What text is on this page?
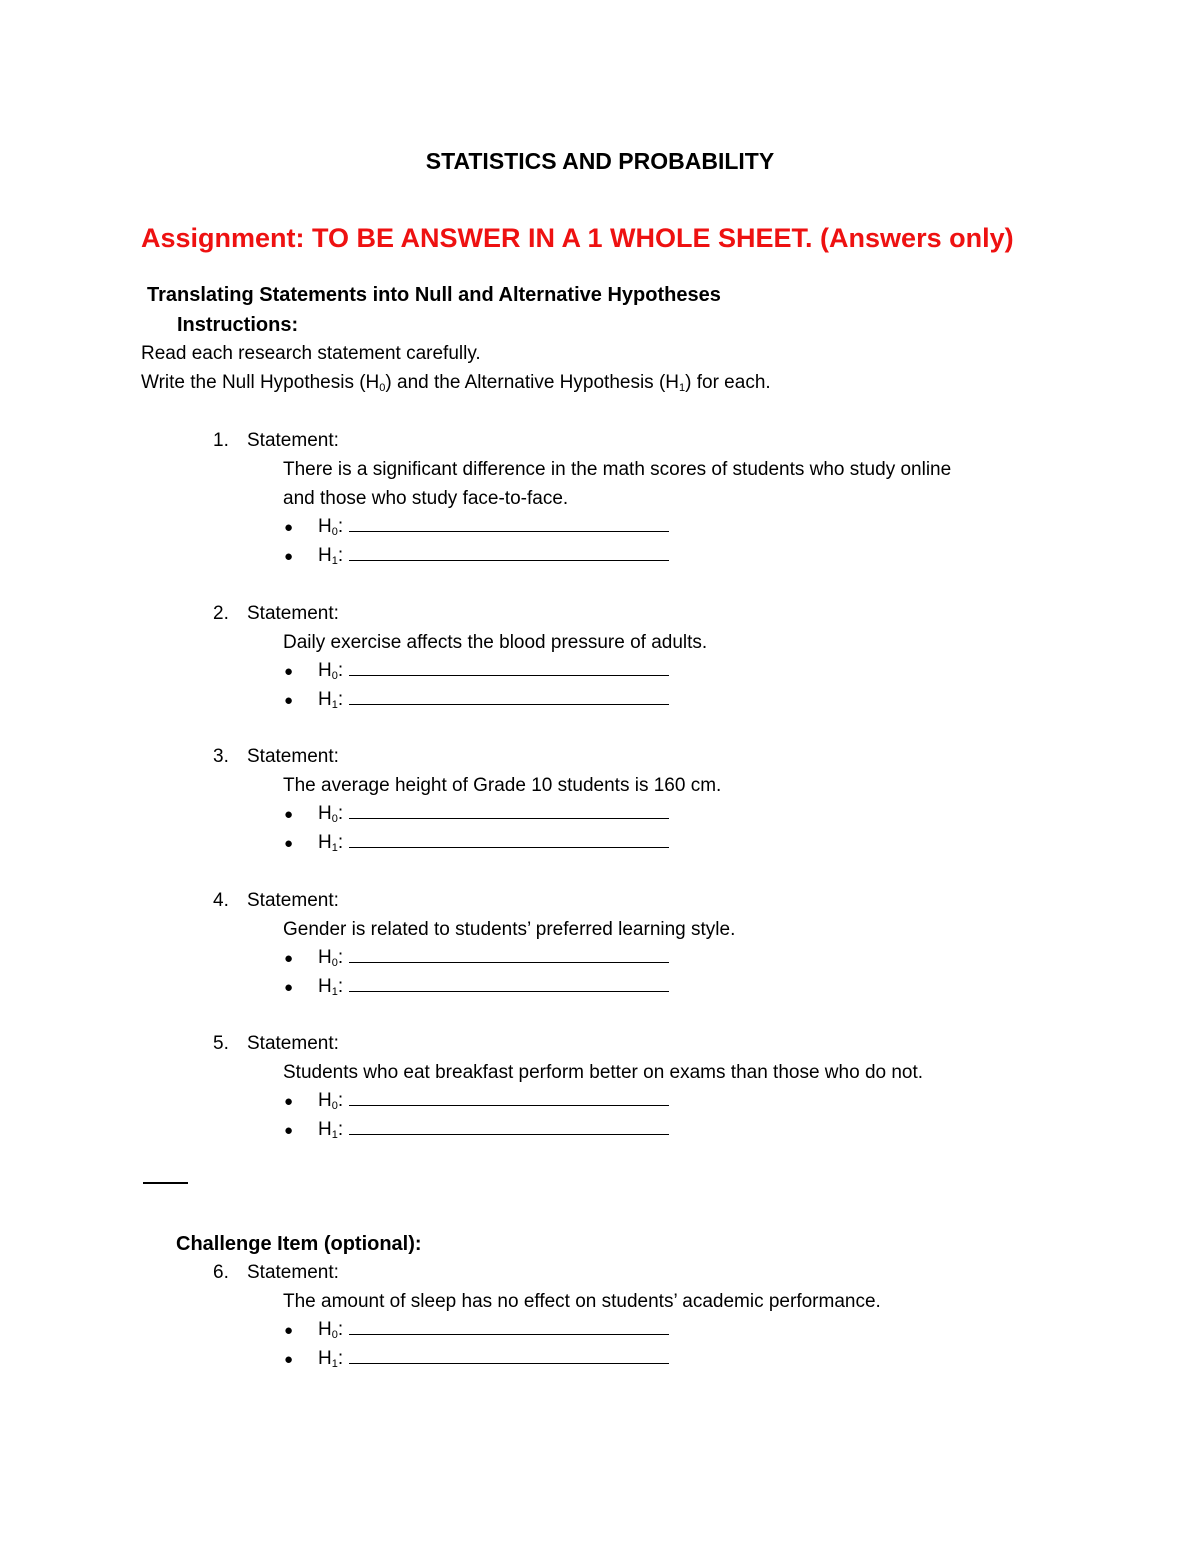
STATISTICS AND PROBABILITY
Assignment: TO BE ANSWER IN A 1 WHOLE SHEET. (Answers only)
Translating Statements into Null and Alternative Hypotheses
Instructions:
Read each research statement carefully.
Write the Null Hypothesis $(H_0)$ and the Alternative Hypothesis $(H_1)$ for each.
1. Statement:
There is a significant difference in the math scores of students who study online
and those who study face-to-face.
● $H_0$:
● $H_1$:
2. Statement:
Daily exercise affects the blood pressure of adults.
● $H_0$:
● $H_1$:
3. Statement:
The average height of Grade 10 students is 160 cm.
● $H_0$:
● $H_1$:
4. Statement:
Gender is related to students’ preferred learning style.
● $H_0$:
● $H_1$:
5. Statement:
Students who eat breakfast perform better on exams than those who do not.
● $H_0$:
● $H_1$:
Challenge Item (optional):
6. Statement:
The amount of sleep has no effect on students’ academic performance.
● $H_0$:
● $H_1$:
